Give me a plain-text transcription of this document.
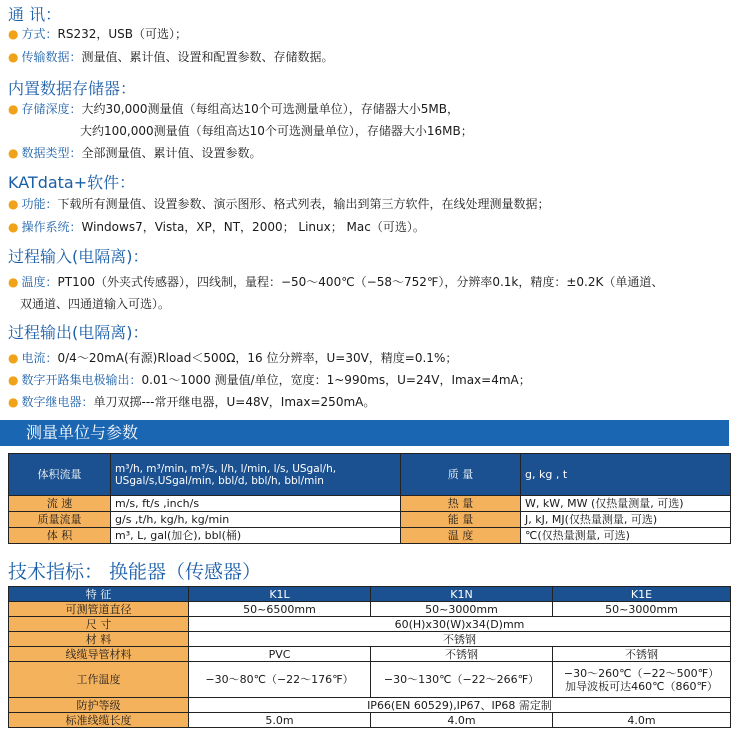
通 讯：
● 方式：RS232，USB（可选）；
● 传输数据：测量值、累计值、设置和配置参数、存储数据。
内置数据存储器：
● 存储深度：大约30,000测量值（每组高达10个可选测量单位），存储器大小5MB，
大约100,000测量值（每组高达10个可选测量单位），存储器大小16MB；
● 数据类型：全部测量值、累计值、设置参数。
KATdata+软件：
● 功能：下载所有测量值、设置参数、演示图形、格式列表，输出到第三方软件，在线处理测量数据；
● 操作系统：Windows7，Vista，XP，NT，2000； Linux； Mac（可选）。
过程输入(电隔离)：
● 温度：PT100（外夹式传感器），四线制，量程：−50～400℃（−58～752℉），分辨率0.1k，精度：±0.2K（单通道、
双通道、四通道输入可选）。
过程输出(电隔离)：
● 电流：0/4～20mA(有源)Rload＜500Ω，16 位分辨率，U=30V，精度=0.1%；
● 数字开路集电极输出：0.01～1000 测量值/单位，宽度：1~990ms，U=24V，Imax=4mA；
● 数字继电器：单刀双掷---常开继电器，U=48V，Imax=250mA。
测量单位与参数
体积流量	m³/h, m³/min, m³/s, l/h, l/min, l/s, USgal/h, USgal/s,USgal/min, bbl/d, bbl/h, bbl/min	质 量	g, kg , t
流 速	m/s, ft/s ,inch/s	热 量	W, kW, MW (仅热量测量, 可选)
质量流量	g/s ,t/h, kg/h, kg/min	能 量	J, kJ, MJ(仅热量测量, 可选)
体 积	m³, L, gal(加仑), bbl(桶)	温 度	℃(仅热量测量, 可选)
技术指标： 换能器（传感器）
特 征	K1L	K1N	K1E
可测管道直径	50~6500mm	50~3000mm	50~3000mm
尺 寸	60(H)x30(W)x34(D)mm		
材 料	不锈钢		
线缆导管材料	PVC	不锈钢	不锈钢
工作温度	−30～80℃（−22～176℉）	−30～130℃（−22～266℉）	−30～260℃（−22～500℉）
加导波板可达460℃（860℉）

防护等级	IP66(EN 60529),IP67、IP68 需定制		
标准线缆长度	5.0m	4.0m	4.0m
